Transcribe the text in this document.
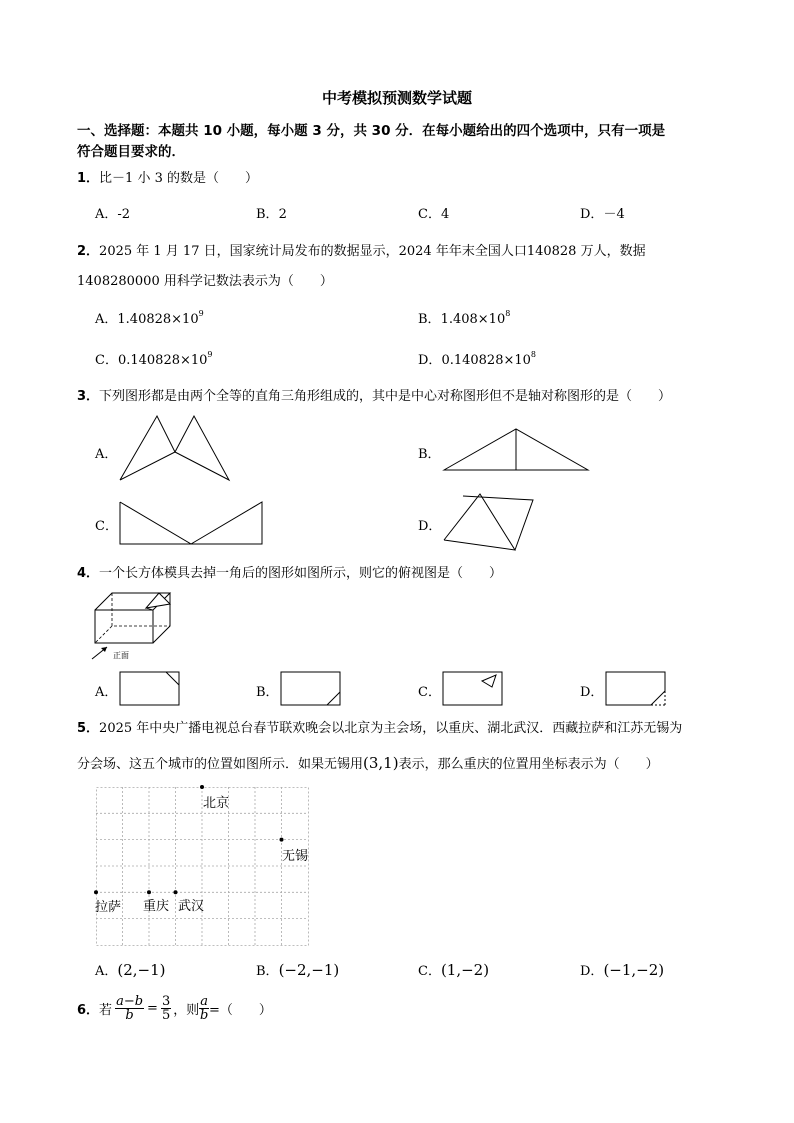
中考模拟预测数学试题
一、选择题：本题共 10 小题，每小题 3 分，共 30 分．在每小题给出的四个选项中，只有一项是
符合题目要求的．
1．比－1 小 3 的数是（　　）
A．-2	B．2	C．4	D．－4
2．2025 年 1 月 17 日，国家统计局发布的数据显示，2024 年年末全国人口140828 万人，数据
1408280000 用科学记数法表示为（　　）
A．$1.40828\times 10^9$	B．$1.408\times 10^8$
C．$0.140828\times 10^9$	D．$0.140828\times 10^8$
3．下列图形都是由两个全等的直角三角形组成的，其中是中心对称图形但不是轴对称图形的是（　　）
A．	B．
C．	D．
4．一个长方体模具去掉一角后的图形如图所示，则它的俯视图是（　　）
正面
A．	B．	C．	D．
5．2025 年中央广播电视总台春节联欢晚会以北京为主会场，以重庆、湖北武汉．西藏拉萨和江苏无锡为
分会场、这五个城市的位置如图所示．如果无锡用(3,1)表示，那么重庆的位置用坐标表示为（　　）
北京
无锡
拉萨 重庆 武汉
A．(2,−1)	B．(−2,−1)	C．(1,−2)	D．(−1,−2)
6． 若 $\frac{a-b}{b} = \frac{3}{5}$ ，则 $\frac{a}{b}$ =（　　）
